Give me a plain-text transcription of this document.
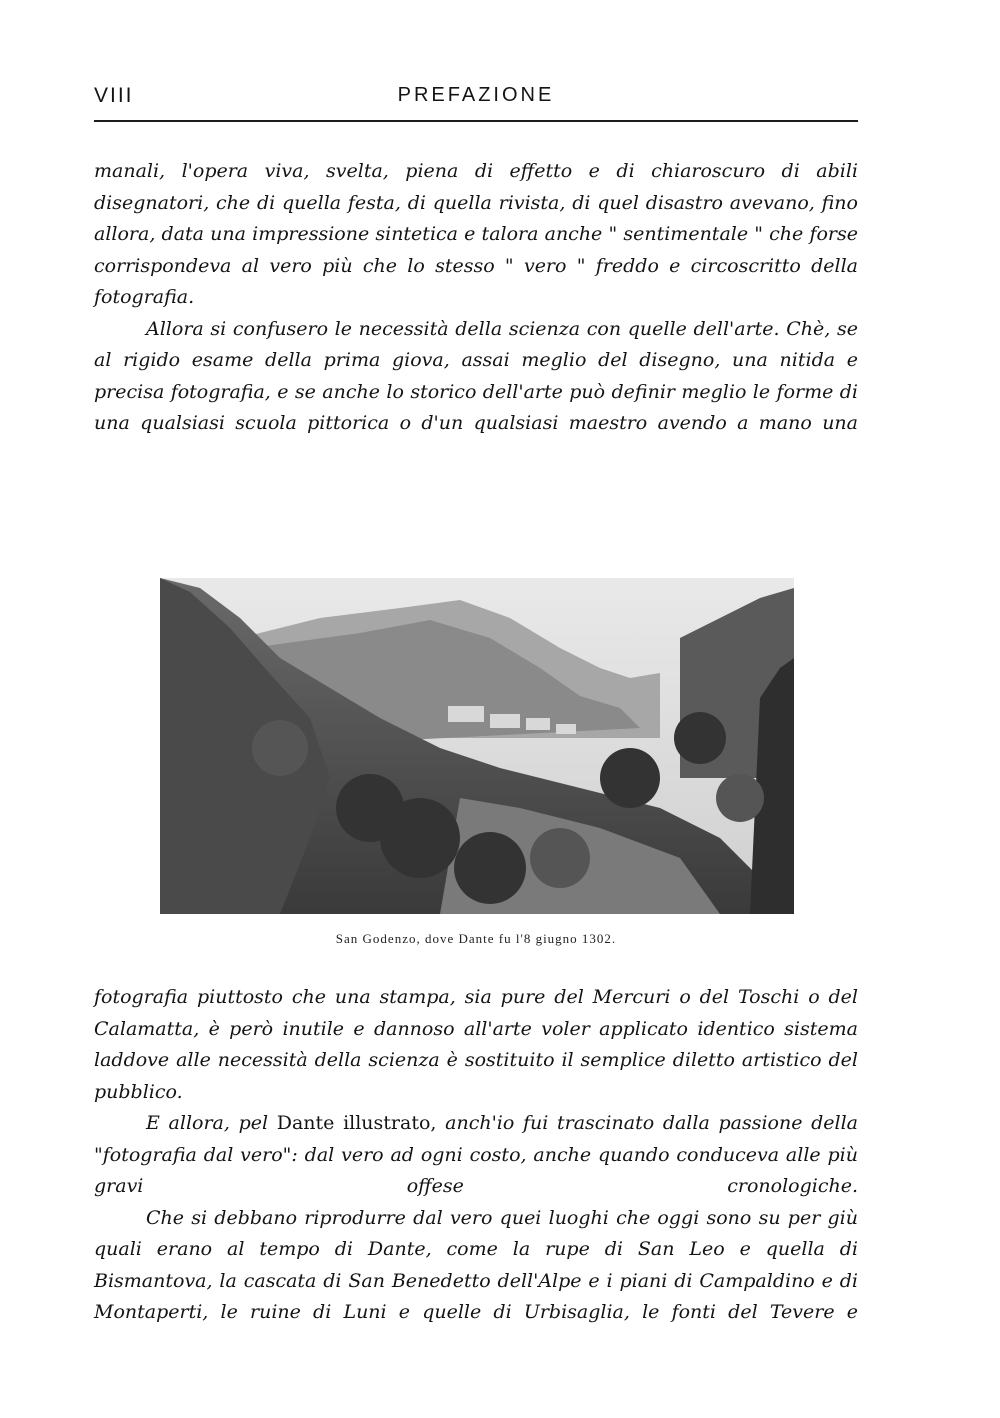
VIII	PREFAZIONE

manali, l'opera viva, svelta, piena di effetto e di chiaroscuro di abili disegnatori, che di quella festa, di quella rivista, di quel disastro avevano, fino allora, data una impressione sintetica e talora anche " sentimentale " che forse corrispondeva al vero più che lo stesso " vero " freddo e circoscritto della fotografia.

Allora si confusero le necessità della scienza con quelle dell'arte. Chè, se al rigido esame della prima giova, assai meglio del disegno, una nitida e precisa fotografia, e se anche lo storico dell'arte può definir meglio le forme di una qualsiasi scuola pittorica o d'un qualsiasi maestro avendo a mano una

San Godenzo, dove Dante fu l'8 giugno 1302.

fotografia piuttosto che una stampa, sia pure del Mercuri o del Toschi o del Calamatta, è però inutile e dannoso all'arte voler applicato identico sistema laddove alle necessità della scienza è sostituito il semplice diletto artistico del pubblico.

E allora, pel Dante illustrato, anch'io fui trascinato dalla passione della "fotografia dal vero": dal vero ad ogni costo, anche quando conduceva alle più gravi offese cronologiche.

Che si debbano riprodurre dal vero quei luoghi che oggi sono su per giù quali erano al tempo di Dante, come la rupe di San Leo e quella di Bismantova, la cascata di San Benedetto dell'Alpe e i piani di Campaldino e di Montaperti, le ruine di Luni e quelle di Urbisaglia, le fonti del Tevere e
